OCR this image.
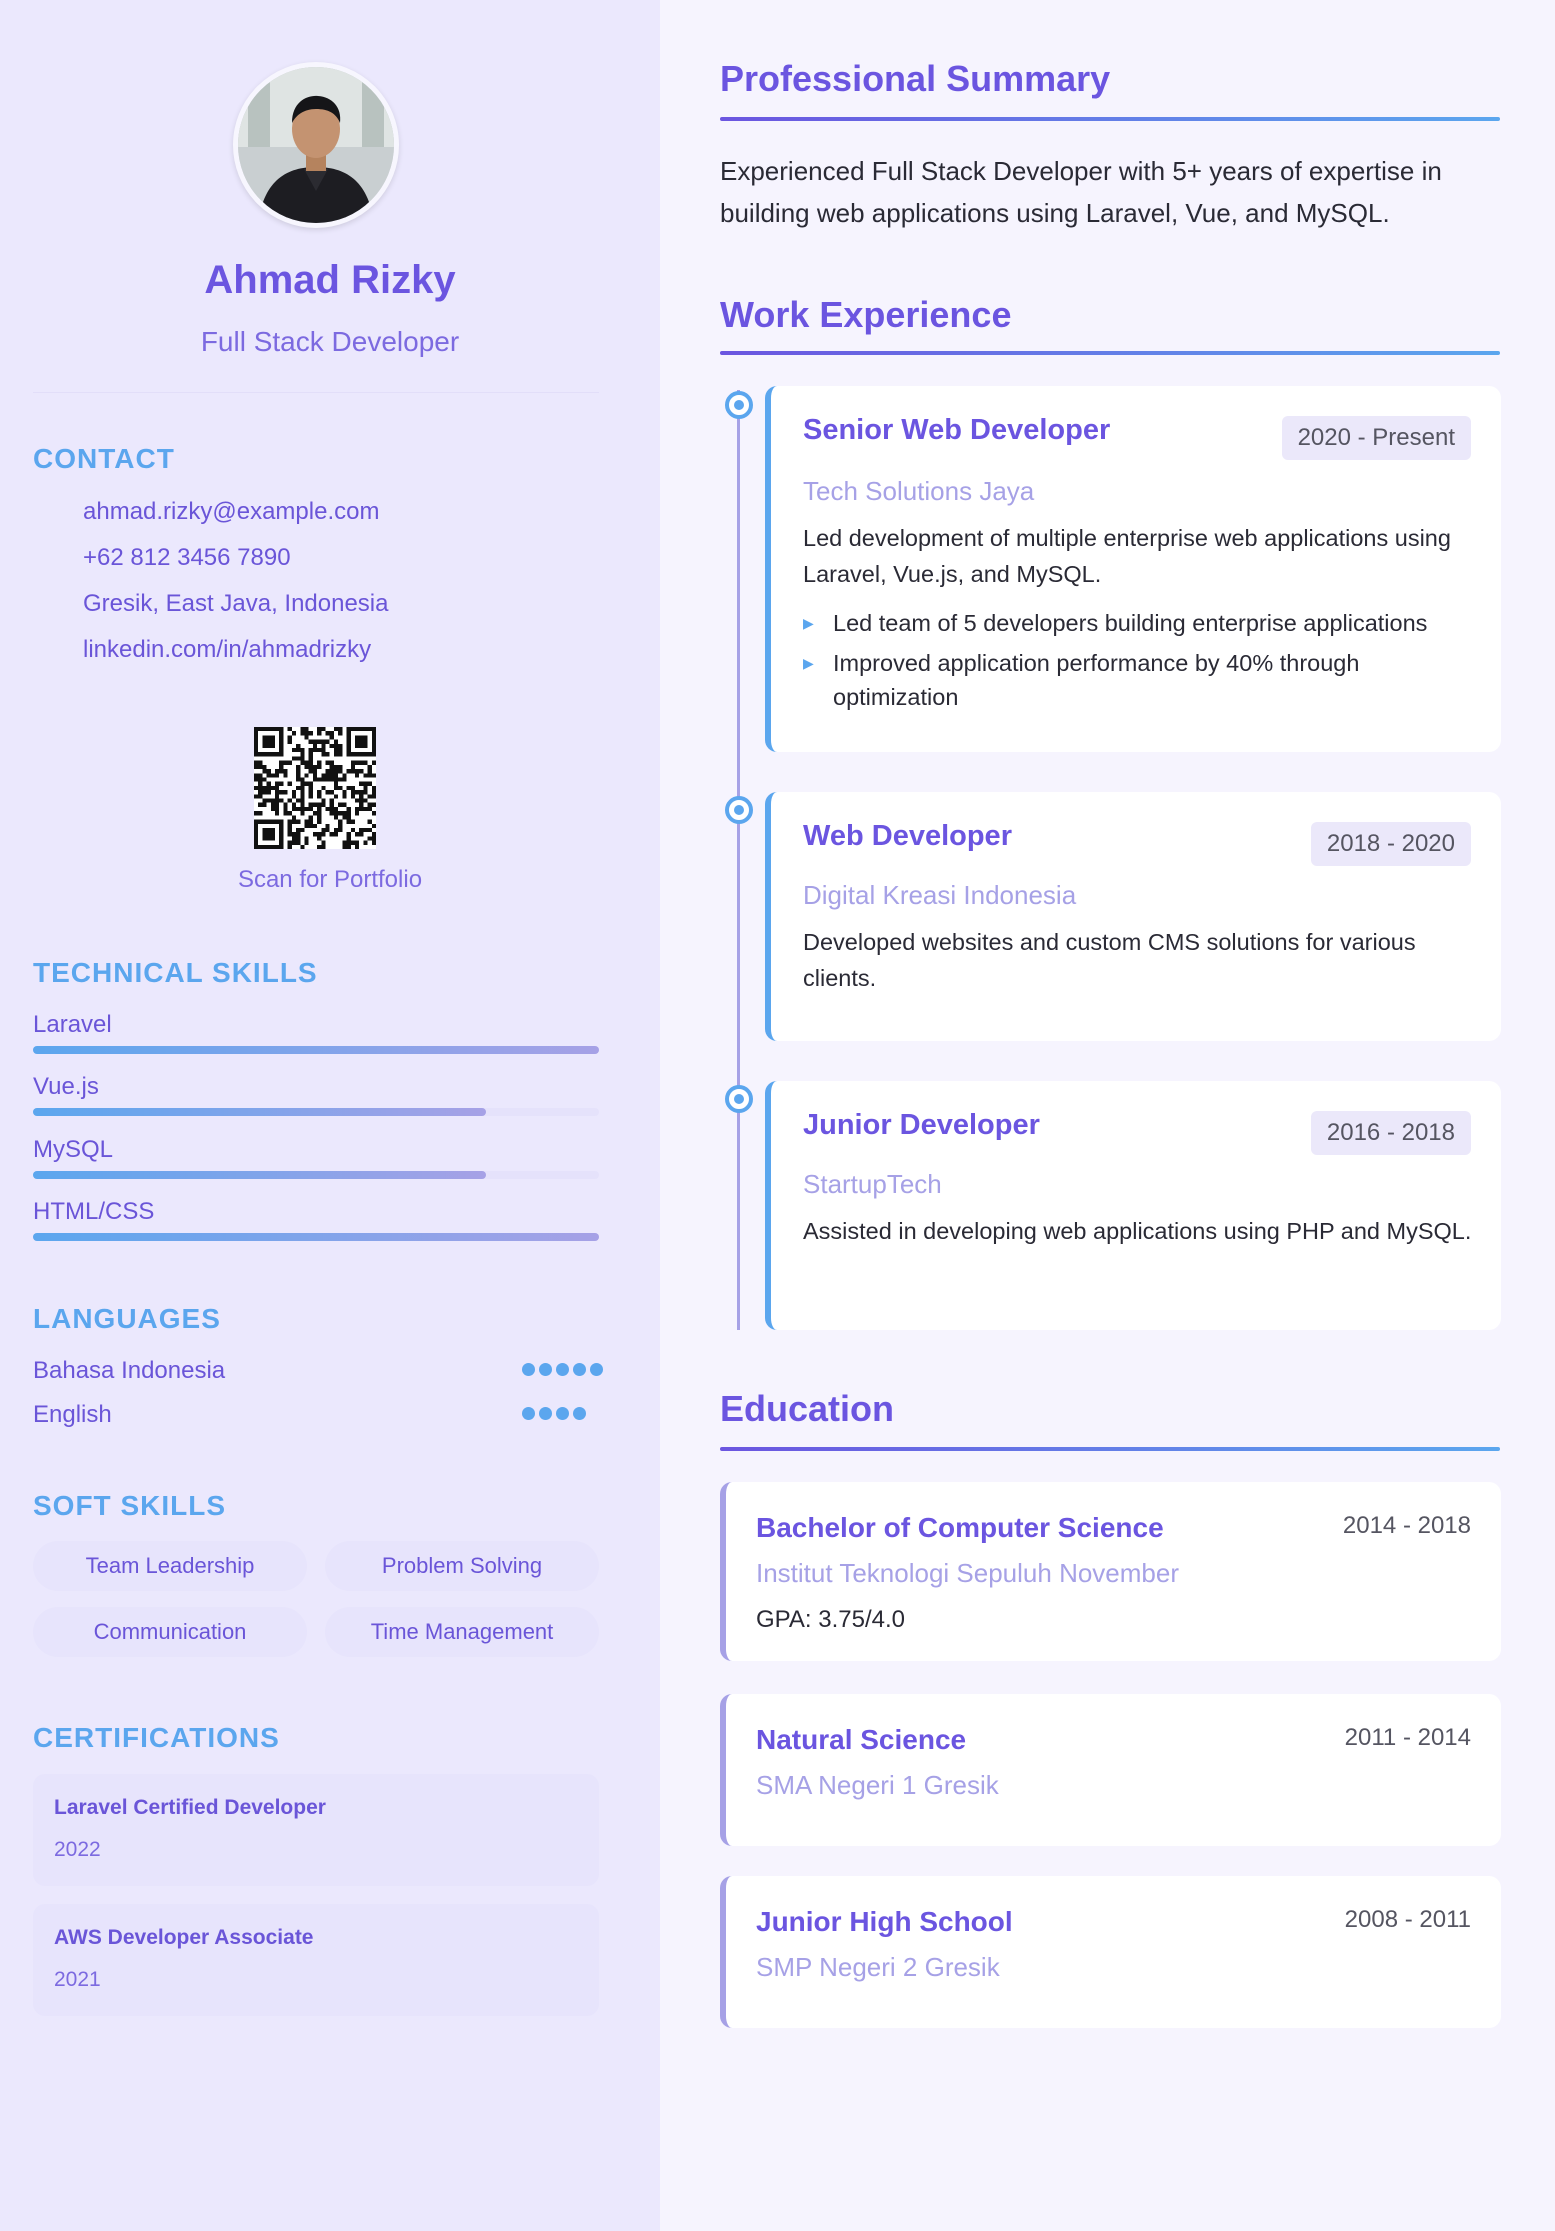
Ahmad Rizky
Full Stack Developer
CONTACT
ahmad.rizky@example.com
+62 812 3456 7890
Gresik, East Java, Indonesia
linkedin.com/in/ahmadrizky
Scan for Portfolio
TECHNICAL SKILLS
Laravel
Vue.js
MySQL
HTML/CSS
LANGUAGES
Bahasa Indonesia
English
SOFT SKILLS
Team Leadership	Problem Solving
Communication	Time Management
CERTIFICATIONS
Laravel Certified Developer
2022
AWS Developer Associate
2021
Professional Summary
Experienced Full Stack Developer with 5+ years of expertise in building web applications using Laravel, Vue, and MySQL.
Work Experience
Senior Web Developer	2020 - Present
Tech Solutions Jaya
Led development of multiple enterprise web applications using Laravel, Vue.js, and MySQL.
▶ Led team of 5 developers building enterprise applications
▶ Improved application performance by 40% through optimization
Web Developer	2018 - 2020
Digital Kreasi Indonesia
Developed websites and custom CMS solutions for various clients.
Junior Developer	2016 - 2018
StartupTech
Assisted in developing web applications using PHP and MySQL.
Education
Bachelor of Computer Science	2014 - 2018
Institut Teknologi Sepuluh November
GPA: 3.75/4.0
Natural Science	2011 - 2014
SMA Negeri 1 Gresik
Junior High School	2008 - 2011
SMP Negeri 2 Gresik
